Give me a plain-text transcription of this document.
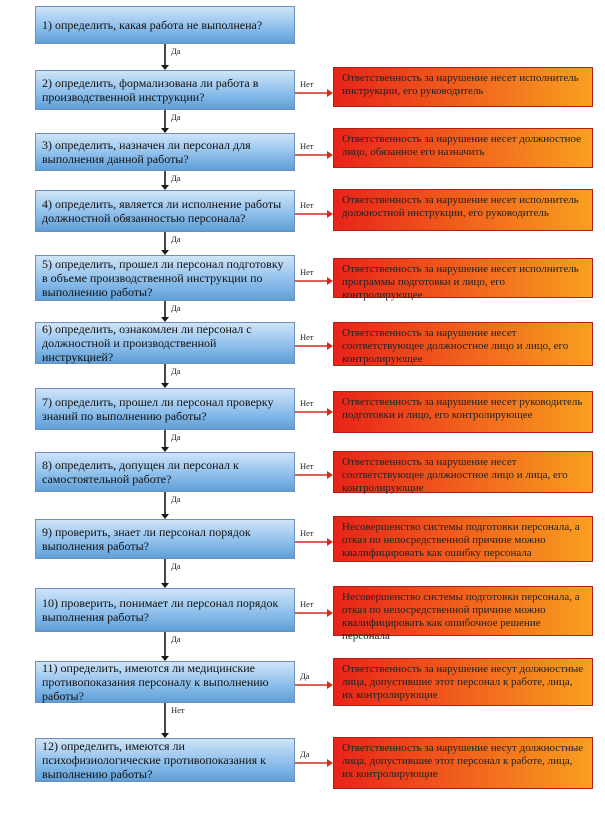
1) определить, какая работа не выполнена?
Да
2) определить, формализована ли работа в производственной инструкции?
Да
Ответственность за нарушение несет исполнитель инструкции, его руководитель
Нет
3) определить, назначен ли персонал для выполнения данной работы?
Да
Ответственность за нарушение несет должностное лицо, обязанное его назначить
Нет
4) определить, является ли исполнение работы должностной обязанностью персонала?
Да
Ответственность за нарушение несет исполнитель должностной инструкции, его руководитель
Нет
5) определить, прошел ли персонал подготовку в объеме производственной инструкции по выполнению работы?
Да
Ответственность за нарушение несет исполнитель программы подготовки и лицо, его контролирующее
Нет
6) определить, ознакомлен ли персонал с должностной и производственной инструкцией?
Да
Ответственность за нарушение несет соответствующее должностное лицо и лицо, его контролирующее
Нет
7) определить, прошел ли персонал проверку знаний по выполнению работы?
Да
Ответственность за нарушение несет руководитель подготовки и лицо, его контролирующее
Нет
8) определить, допущен ли персонал к самостоятельной работе?
Да
Ответственность за нарушение несет соответствующее должностное лицо и лица, его контролирующие
Нет
9) проверить, знает ли персонал порядок выполнения работы?
Да
Несовершенство системы подготовки персонала, а отказ по непосредственной причине можно квалифицировать как ошибку персонала
Нет
10) проверить, понимает ли персонал порядок выполнения работы?
Да
Несовершенство системы подготовки персонала, а отказ по непосредственной причине можно квалифицировать как ошибочное решение персонала
Нет
11) определить, имеются ли медицинские противопоказания персоналу к выполнению работы?
Нет
Ответственность за нарушение несут должностные лица, допустившие этот персонал к работе, лица, их контролирующие
Да
12) определить, имеются ли психофизиологические противопоказания к выполнению работы?
Ответственность за нарушение несут должностные лица, допустившие этот персонал к работе, лица, их контролирующие
Да
